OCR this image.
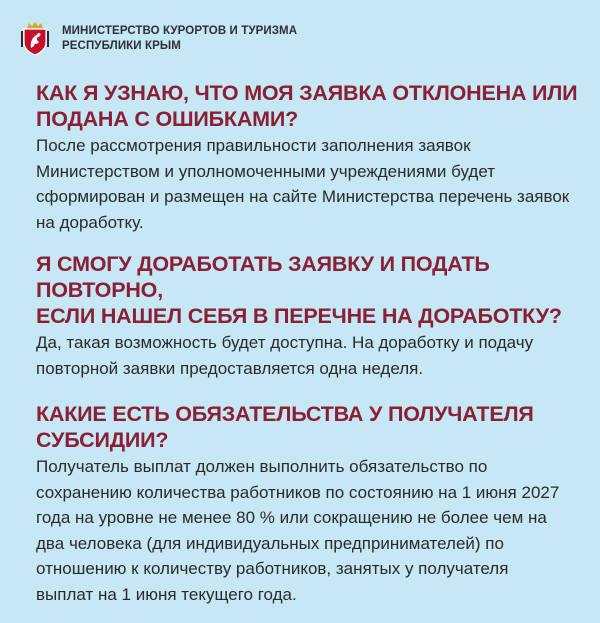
МИНИСТЕРСТВО КУРОРТОВ И ТУРИЗМА
РЕСПУБЛИКИ КРЫМ
КАК Я УЗНАЮ, ЧТО МОЯ ЗАЯВКА ОТКЛОНЕНА ИЛИ
ПОДАНА С ОШИБКАМИ?
После рассмотрения правильности заполнения заявок
Министерством и уполномоченными учреждениями будет
сформирован и размещен на сайте Министерства перечень заявок
на доработку.
Я СМОГУ ДОРАБОТАТЬ ЗАЯВКУ И ПОДАТЬ ПОВТОРНО,
ЕСЛИ НАШЕЛ СЕБЯ В ПЕРЕЧНЕ НА ДОРАБОТКУ?
Да, такая возможность будет доступна. На доработку и подачу
повторной заявки предоставляется одна неделя.
КАКИЕ ЕСТЬ ОБЯЗАТЕЛЬСТВА У ПОЛУЧАТЕЛЯ
СУБСИДИИ?
Получатель выплат должен выполнить обязательство по
сохранению количества работников по состоянию на 1 июня 2027
года на уровне не менее 80 % или сокращению не более чем на
два человека (для индивидуальных предпринимателей) по
отношению к количеству работников, занятых у получателя
выплат на 1 июня текущего года.
